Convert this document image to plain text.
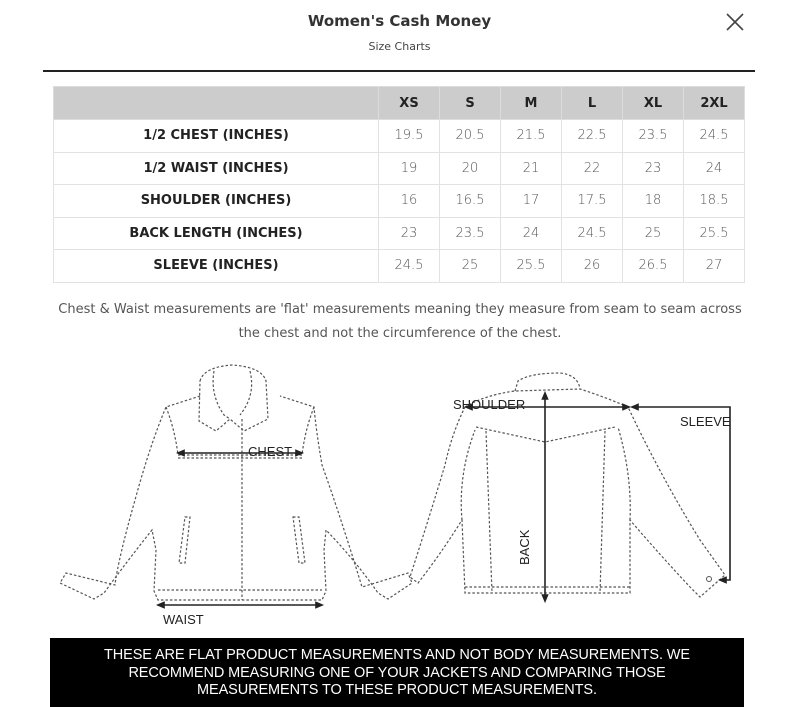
Women's Cash Money
Size Charts
	XS	S	M	L	XL	2XL
1/2 CHEST (INCHES)	19.5	20.5	21.5	22.5	23.5	24.5
1/2 WAIST (INCHES)	19	20	21	22	23	24
SHOULDER (INCHES)	16	16.5	17	17.5	18	18.5
BACK LENGTH (INCHES)	23	23.5	24	24.5	25	25.5
SLEEVE (INCHES)	24.5	25	25.5	26	26.5	27
Chest & Waist measurements are 'flat' measurements meaning they measure from seam to seam across the chest and not the circumference of the chest.
CHEST
WAIST
SHOULDER
SLEEVE
BACK
THESE ARE FLAT PRODUCT MEASUREMENTS AND NOT BODY MEASUREMENTS. WE
RECOMMEND MEASURING ONE OF YOUR JACKETS AND COMPARING THOSE
MEASUREMENTS TO THESE PRODUCT MEASUREMENTS.
